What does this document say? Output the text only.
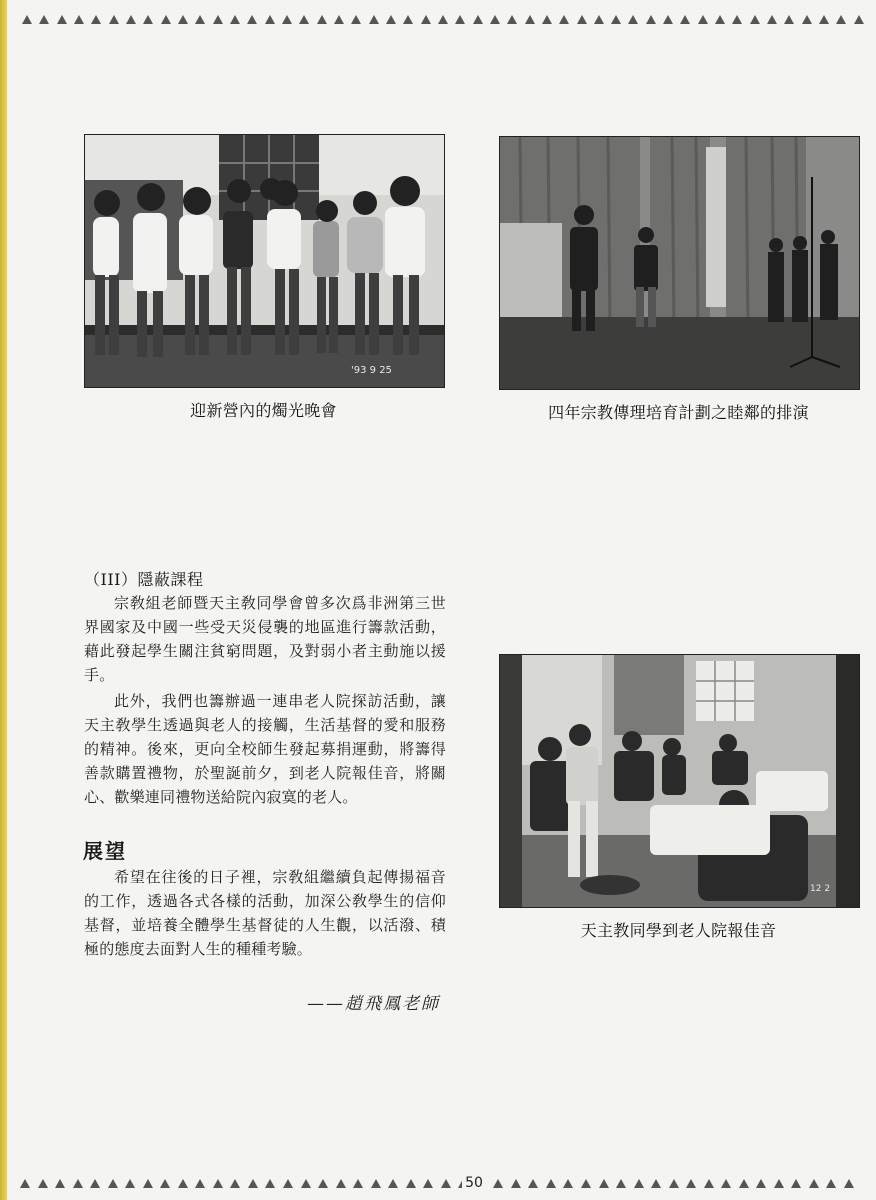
50
'93 9 25
迎新營內的燭光晚會	四年宗教傳理培育計劃之睦鄰的排演
12 2
天主教同學到老人院報佳音
（III）隱蔽課程

宗敎組老師暨天主敎同學會曾多次爲非洲第三世界國家及中國一些受天災侵襲的地區進行籌款活動，藉此發起學生關注貧窮問題，及對弱小者主動施以援手。

此外，我們也籌辦過一連串老人院探訪活動，讓天主敎學生透過與老人的接觸，生活基督的愛和服務的精神。後來，更向全校師生發起募捐運動，將籌得善款購置禮物，於聖誕前夕，到老人院報佳音，將關心、歡樂連同禮物送給院內寂寞的老人。

展望

希望在往後的日子裡，宗敎組繼續負起傳揚福音的工作，透過各式各樣的活動，加深公敎學生的信仰基督，並培養全體學生基督徒的人生觀，以活潑、積極的態度去面對人生的種種考驗。

——趙飛鳳老師
